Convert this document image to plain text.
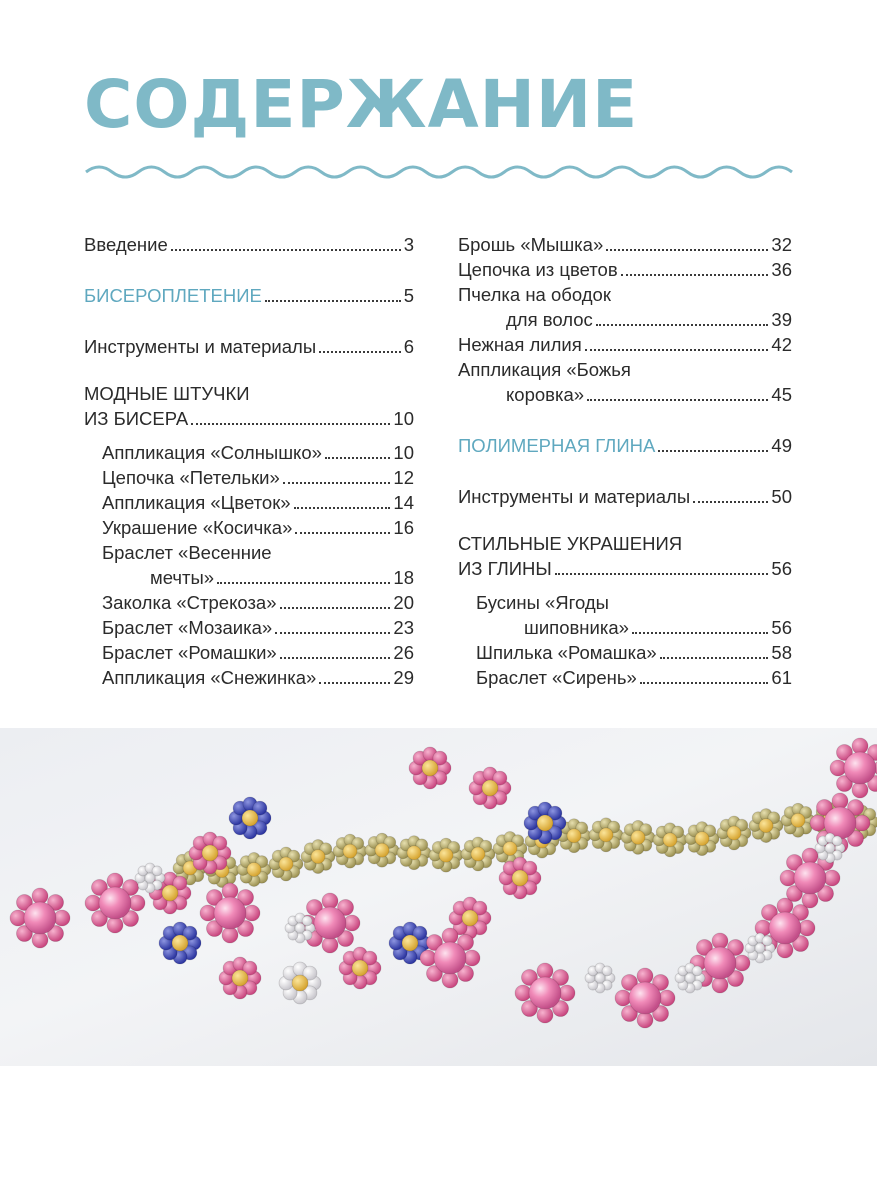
СОДЕРЖАНИЕ
Введение	3
БИСЕРОПЛЕТЕНИЕ	5
Инструменты и материалы	6
МОДНЫЕ ШТУЧКИ
ИЗ БИСЕРА	10
Аппликация «Солнышко»	10
Цепочка «Петельки»	12
Аппликация «Цветок»	14
Украшение «Косичка»	16
Браслет «Весенние
мечты»	18
Заколка «Стрекоза»	20
Браслет «Мозаика»	23
Браслет «Ромашки»	26
Аппликация «Снежинка»	29
Брошь «Мышка»	32
Цепочка из цветов	36
Пчелка на ободок
для волос	39
Нежная лилия	42
Аппликация «Божья
коровка»	45
ПОЛИМЕРНАЯ ГЛИНА	49
Инструменты и материалы	50
СТИЛЬНЫЕ УКРАШЕНИЯ
ИЗ ГЛИНЫ	56
Бусины «Ягоды
шиповника»	56
Шпилька «Ромашка»	58
Браслет «Сирень»	61
